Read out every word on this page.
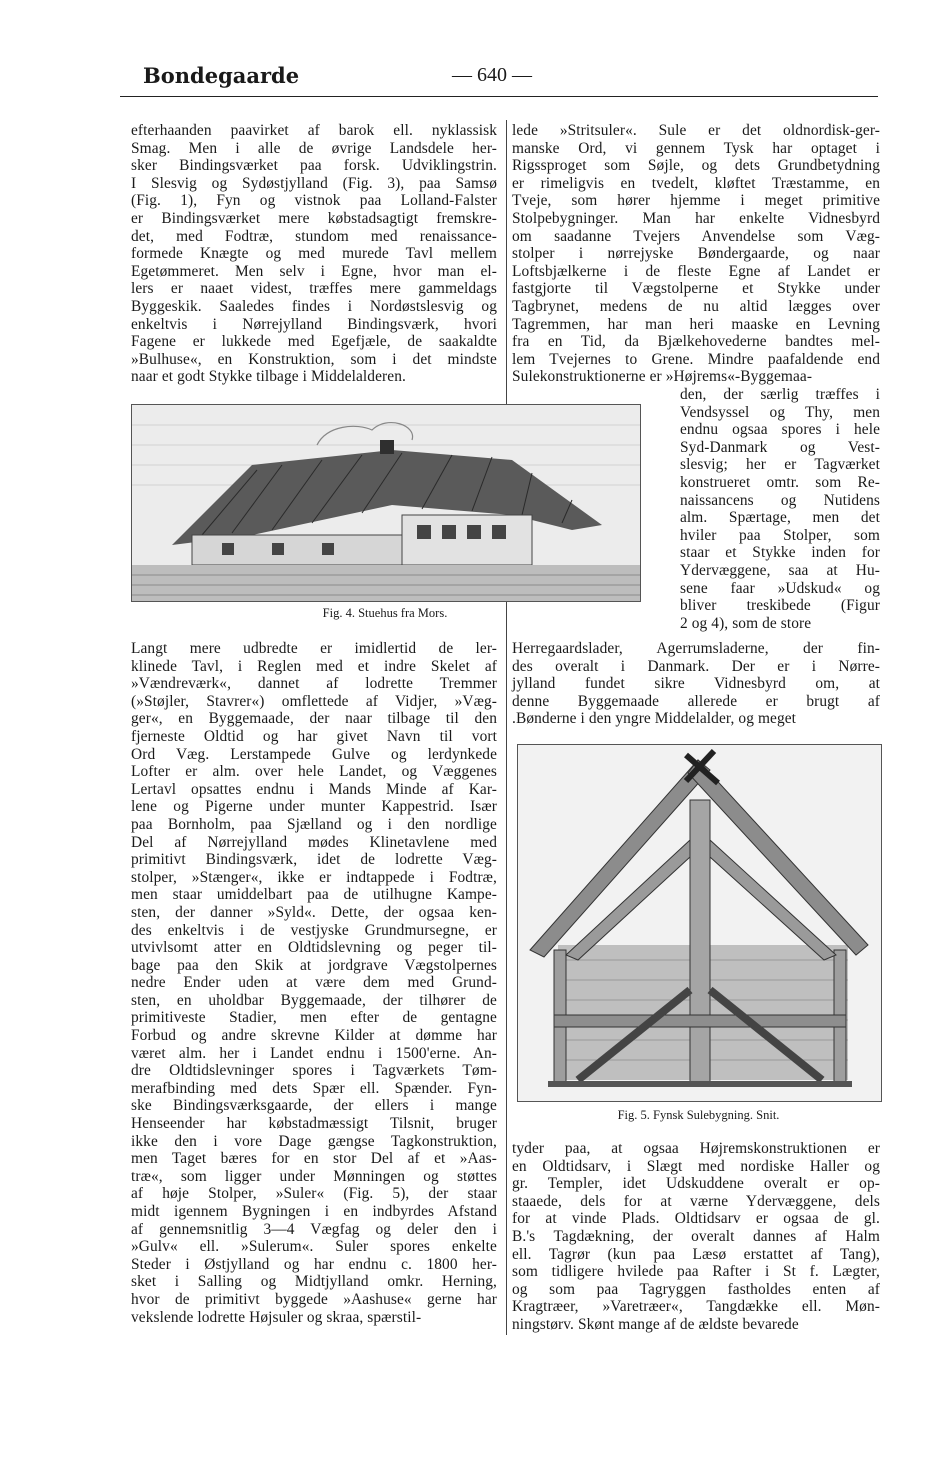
Bondegaarde	— 640 —

efterhaanden paavirket af barok ell. nyklassisk

Smag. Men i alle de øvrige Landsdele her-

sker Bindingsværket paa forsk. Udviklingstrin.

I Slesvig og Sydøstjylland (Fig. 3), paa Samsø

(Fig. 1), Fyn og vistnok paa Lolland-Falster

er Bindingsværket mere købstadsagtigt fremskre-

det, med Fodtræ, stundom med renaissance-

formede Knægte og med murede Tavl mellem

Egetømmeret. Men selv i Egne, hvor man el-

lers er naaet videst, træffes mere gammeldags

Byggeskik. Saaledes findes i Nordøstslesvig og

enkeltvis i Nørrejylland Bindingsværk, hvori

Fagene er lukkede med Egefjæle, de saakaldte

»Bulhuse«, en Konstruktion, som i det mindste

naar et godt Stykke tilbage i Middelalderen.

Fig. 4. Stuehus fra Mors.

Langt mere udbredte er imidlertid de ler-

klinede Tavl, i Reglen med et indre Skelet af

»Vændreværk«, dannet af lodrette Tremmer

(»Støjler, Stavrer«) omflettede af Vidjer, »Væg-

ger«, en Byggemaade, der naar tilbage til den

fjerneste Oldtid og har givet Navn til vort

Ord Væg. Lerstampede Gulve og lerdynkede

Lofter er alm. over hele Landet, og Væggenes

Lertavl opsattes endnu i Mands Minde af Kar-

lene og Pigerne under munter Kappestrid. Især

paa Bornholm, paa Sjælland og i den nordlige

Del af Nørrejylland mødes Klinetavlene med

primitivt Bindingsværk, idet de lodrette Væg-

stolper, »Stænger«, ikke er indtappede i Fodtræ,

men staar umiddelbart paa de utilhugne Kampe-

sten, der danner »Syld«. Dette, der ogsaa ken-

des enkeltvis i de vestjyske Grundmursegne, er

utvivlsomt atter en Oldtidslevning og peger til-

bage paa den Skik at jordgrave Vægstolpernes

nedre Ender uden at være dem med Grund-

sten, en uholdbar Byggemaade, der tilhører de

primitiveste Stadier, men efter de gentagne

Forbud og andre skrevne Kilder at dømme har

været alm. her i Landet endnu i 1500'erne. An-

dre Oldtidslevninger spores i Tagværkets Tøm-

merafbinding med dets Spær ell. Spænder. Fyn-

ske Bindingsværksgaarde, der ellers i mange

Henseender har købstadmæssigt Tilsnit, bruger

ikke den i vore Dage gængse Tagkonstruktion,

men Taget bæres for en stor Del af et »Aas-

træ«, som ligger under Mønningen og støttes

af høje Stolper, »Suler« (Fig. 5), der staar

midt igennem Bygningen i en indbyrdes Afstand

af gennemsnitlig 3—4 Vægfag og deler den i

»Gulv« ell. »Sulerum«. Suler spores enkelte

Steder i Østjylland og har endnu c. 1800 her-

sket i Salling og Midtjylland omkr. Herning,

hvor de primitivt byggede »Aashuse« gerne har

vekslende lodrette Højsuler og skraa, spærstil-

lede »Stritsuler«. Sule er det oldnordisk-ger-

manske Ord, vi gennem Tysk har optaget i

Rigssproget som Søjle, og dets Grundbetydning

er rimeligvis en tvedelt, kløftet Træstamme, en

Tveje, som hører hjemme i meget primitive

Stolpebygninger. Man har enkelte Vidnesbyrd

om saadanne Tvejers Anvendelse som Væg-

stolper i nørrejyske Bøndergaarde, og naar

Loftsbjælkerne i de fleste Egne af Landet er

fastgjorte til Vægstolperne et Stykke under

Tagbrynet, medens de nu altid lægges over

Tagremmen, har man heri maaske en Levning

fra en Tid, da Bjælkehovederne bandtes mel-

lem Tvejernes to Grene. Mindre paafaldende end

Sulekonstruktionerne er »Højrems«-Byggemaa-

den, der særlig træffes i

Vendsyssel og Thy, men

endnu ogsaa spores i hele

Syd-Danmark og Vest-

slesvig; her er Tagværket

konstrueret omtr. som Re-

naissancens og Nutidens

alm. Spærtage, men det

hviler paa Stolper, som

staar et Stykke inden for

Ydervæggene, saa at Hu-

sene faar »Udskud« og

bliver treskibede (Figur

2 og 4), som de store

Herregaardslader, Agerrumsladerne, der fin-

des overalt i Danmark. Der er i Nørre-

jylland fundet sikre Vidnesbyrd om, at

denne Byggemaade allerede er brugt af

.Bønderne i den yngre Middelalder, og meget

Fig. 5. Fynsk Sulebygning. Snit.

tyder paa, at ogsaa Højremskonstruktionen er

en Oldtidsarv, i Slægt med nordiske Haller og

gr. Templer, idet Udskuddene overalt er op-

staaede, dels for at værne Ydervæggene, dels

for at vinde Plads. Oldtidsarv er ogsaa de gl.

B.'s Tagdækning, der overalt dannes af Halm

ell. Tagrør (kun paa Læsø erstattet af Tang),

som tidligere hvilede paa Rafter i St f. Lægter,

og som paa Tagryggen fastholdes enten af

Kragtræer, »Varetræer«, Tangdække ell. Møn-

ningstørv. Skønt mange af de ældste bevarede
